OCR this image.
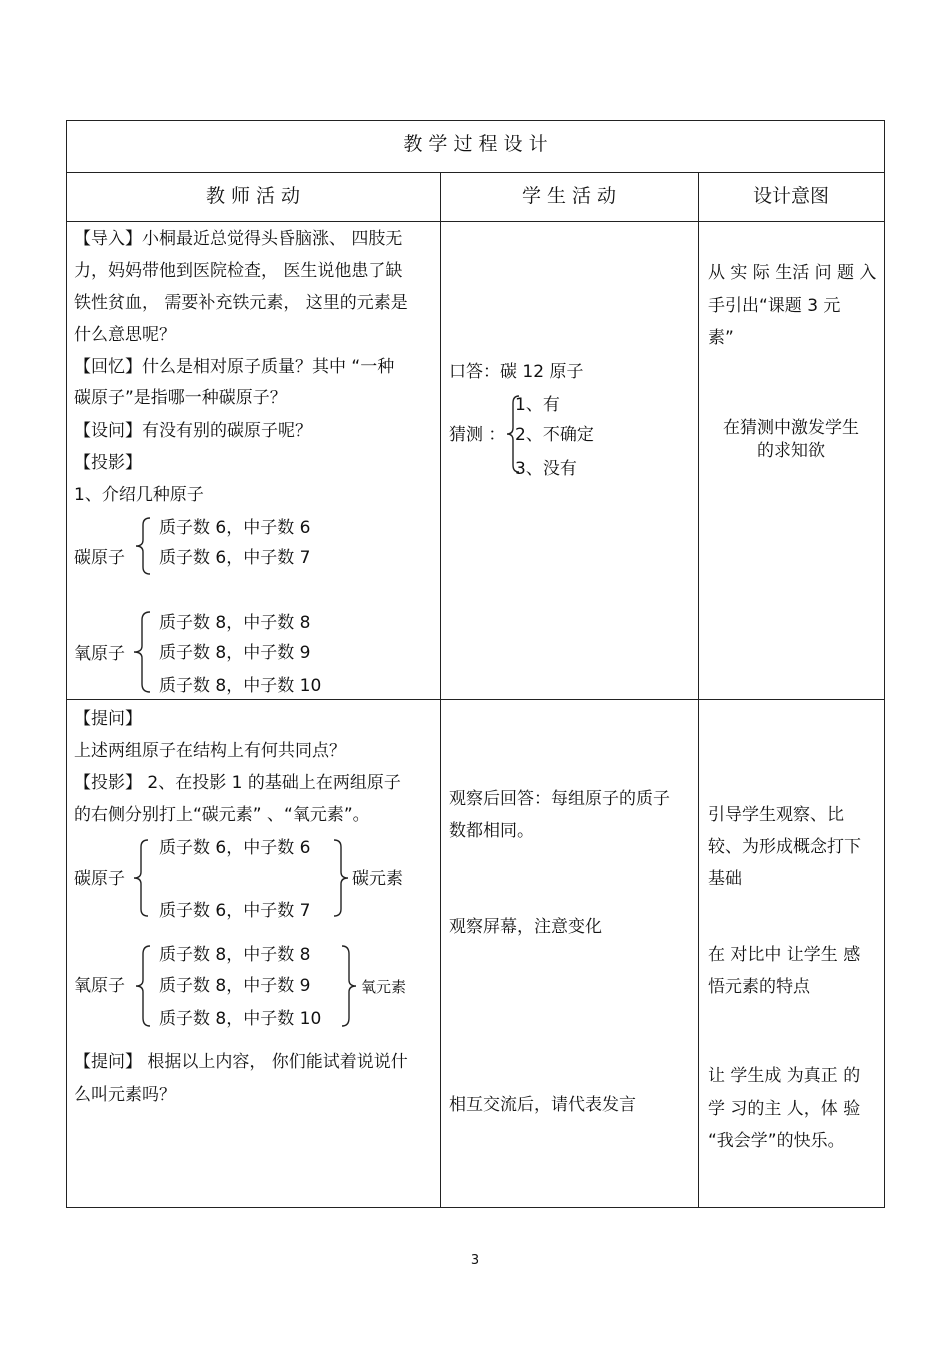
教 学 过 程 设 计
教 师 活 动	学 生 活 动	设计意图
【导入】小桐最近总觉得头昏脑涨、 四肢无
力，妈妈带他到医院检查， 医生说他患了缺
铁性贫血， 需要补充铁元素， 这里的元素是
什么意思呢？
【回忆】什么是相对原子质量？其中 “一种
碳原子”是指哪一种碳原子？
【设问】有没有别的碳原子呢？
【投影】
1、介绍几种原子
碳原子
质子数 6，中子数 6
质子数 6，中子数 7
氧原子
质子数 8，中子数 8
质子数 8，中子数 9
质子数 8，中子数 10
口答：碳 12 原子
猜测 ：
1、有
2、不确定
3、没有
从 实 际 生活 问 题 入
手引出“课题 3 元
素”
在猜测中激发学生
的求知欲
【提问】
上述两组原子在结构上有何共同点？
【投影】 2、在投影 1 的基础上在两组原子
的右侧分别打上“碳元素” 、“氧元素”。
碳原子
质子数 6，中子数 6
质子数 6，中子数 7
碳元素
氧原子
质子数 8，中子数 8
质子数 8，中子数 9
质子数 8，中子数 10
氧元素
【提问】 根据以上内容， 你们能试着说说什
么叫元素吗？
观察后回答：每组原子的质子
数都相同。
观察屏幕，注意变化
相互交流后，请代表发言
引导学生观察、比
较、为形成概念打下
基础
在 对比中 让学生 感
悟元素的特点
让 学生成 为真正 的
学 习的主 人，体 验
“我会学”的快乐。
3
